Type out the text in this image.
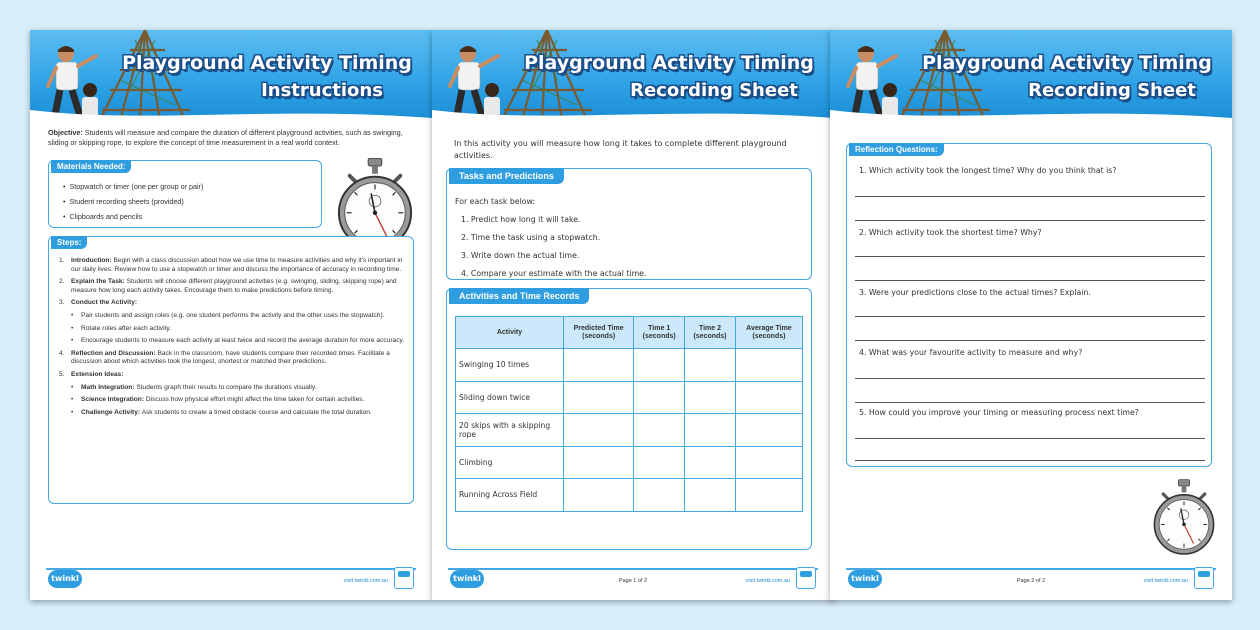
Playground Activity Timing
Instructions
Objective: Students will measure and compare the duration of different playground activities, such as swinging, sliding or skipping rope, to explore the concept of time measurement in a real world context.
Materials Needed:
•  Stopwatch or timer (one per group or pair)
•  Student recording sheets (provided)
•  Clipboards and pencils
Steps:
1. Introduction: Begin with a class discussion about how we use time to measure activities and why it's important in our daily lives. Review how to use a stopwatch or timer and discuss the importance of accuracy in recording time.
2. Explain the Task: Students will choose different playground activities (e.g. swinging, sliding, skipping rope) and measure how long each activity takes. Encourage them to make predictions before timing.
3. Conduct the Activity:
•	Pair students and assign roles (e.g. one student performs the activity and the other uses the stopwatch).
•	Rotate roles after each activity.
•	Encourage students to measure each activity at least twice and record the average duration for more accuracy.
4. Reflection and Discussion: Back in the classroom, have students compare their recorded times. Facilitate a discussion about which activities took the longest, shortest or matched their predictions.
5. Extension Ideas:
•	Math Integration: Students graph their results to compare the durations visually.
•	Science Integration: Discuss how physical effort might affect the time taken for certain activities.
•	Challenge Activity: Ask students to create a timed obstacle course and calculate the total duration.
twinkl	visit twinkl.com.au
Playground Activity Timing
Recording Sheet
In this activity you will measure how long it takes to complete different playground activities.
Tasks and Predictions
For each task below:
1. Predict how long it will take.
2. Time the task using a stopwatch.
3. Write down the actual time.
4. Compare your estimate with the actual time.
Activities and Time Records
Activity	Predicted Time (seconds)	Time 1 (seconds)	Time 2 (seconds)	Average Time (seconds)
Swinging 10 times				
Sliding down twice				
20 skips with a skipping rope				
Climbing				
Running Across Field				
twinkl	Page 1 of 2	visit twinkl.com.au
Playground Activity Timing
Recording Sheet
Reflection Questions:
1. Which activity took the longest time? Why do you think that is?
2. Which activity took the shortest time? Why?
3. Were your predictions close to the actual times? Explain.
4. What was your favourite activity to measure and why?
5. How could you improve your timing or measuring process next time?
twinkl	Page 2 of 2	visit twinkl.com.au
